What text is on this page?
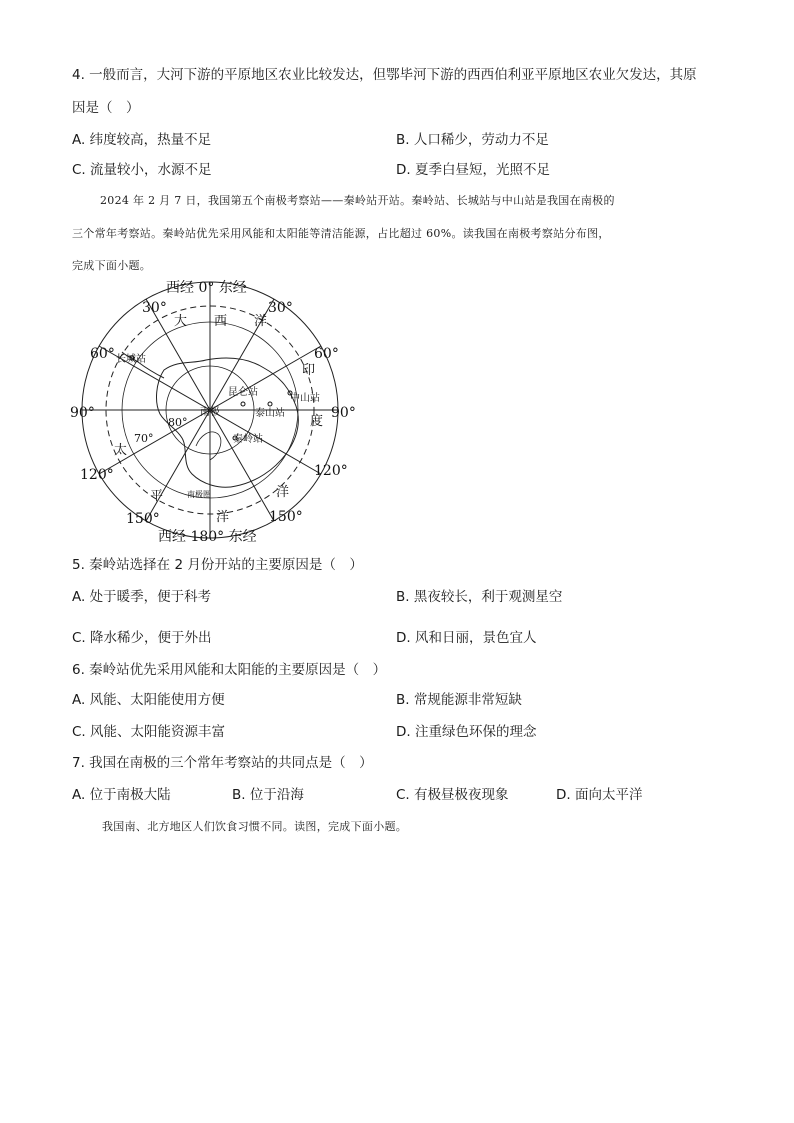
4. 一般而言，大河下游的平原地区农业比较发达，但鄂毕河下游的西西伯利亚平原地区农业欠发达，其原
因是（　）
A. 纬度较高，热量不足	B. 人口稀少，劳动力不足
C. 流量较小，水源不足	D. 夏季白昼短，光照不足
2024 年 2 月 7 日，我国第五个南极考察站——秦岭站开站。秦岭站、长城站与中山站是我国在南极的
三个常年考察站。秦岭站优先采用风能和太阳能等清洁能源，占比超过 60%。读我国在南极考察站分布图，
完成下面小题。
西经 0° 东经
西经 180° 东经
30°	30°
60°	60°
90°	90°
120°	120°
150°	150°
80°
70°
大 西 洋
印
度
洋
太
平
洋
长城站
昆仑站
中山站
泰山站
秦岭站
南极
南极圈
5. 秦岭站选择在 2 月份开站的主要原因是（　）
A. 处于暖季，便于科考	B. 黑夜较长，利于观测星空
C. 降水稀少，便于外出	D. 风和日丽，景色宜人
6. 秦岭站优先采用风能和太阳能的主要原因是（　）
A. 风能、太阳能使用方便	B. 常规能源非常短缺
C. 风能、太阳能资源丰富	D. 注重绿色环保的理念
7. 我国在南极的三个常年考察站的共同点是（　）
A. 位于南极大陆	B. 位于沿海	C. 有极昼极夜现象	D. 面向太平洋
我国南、北方地区人们饮食习惯不同。读图，完成下面小题。
